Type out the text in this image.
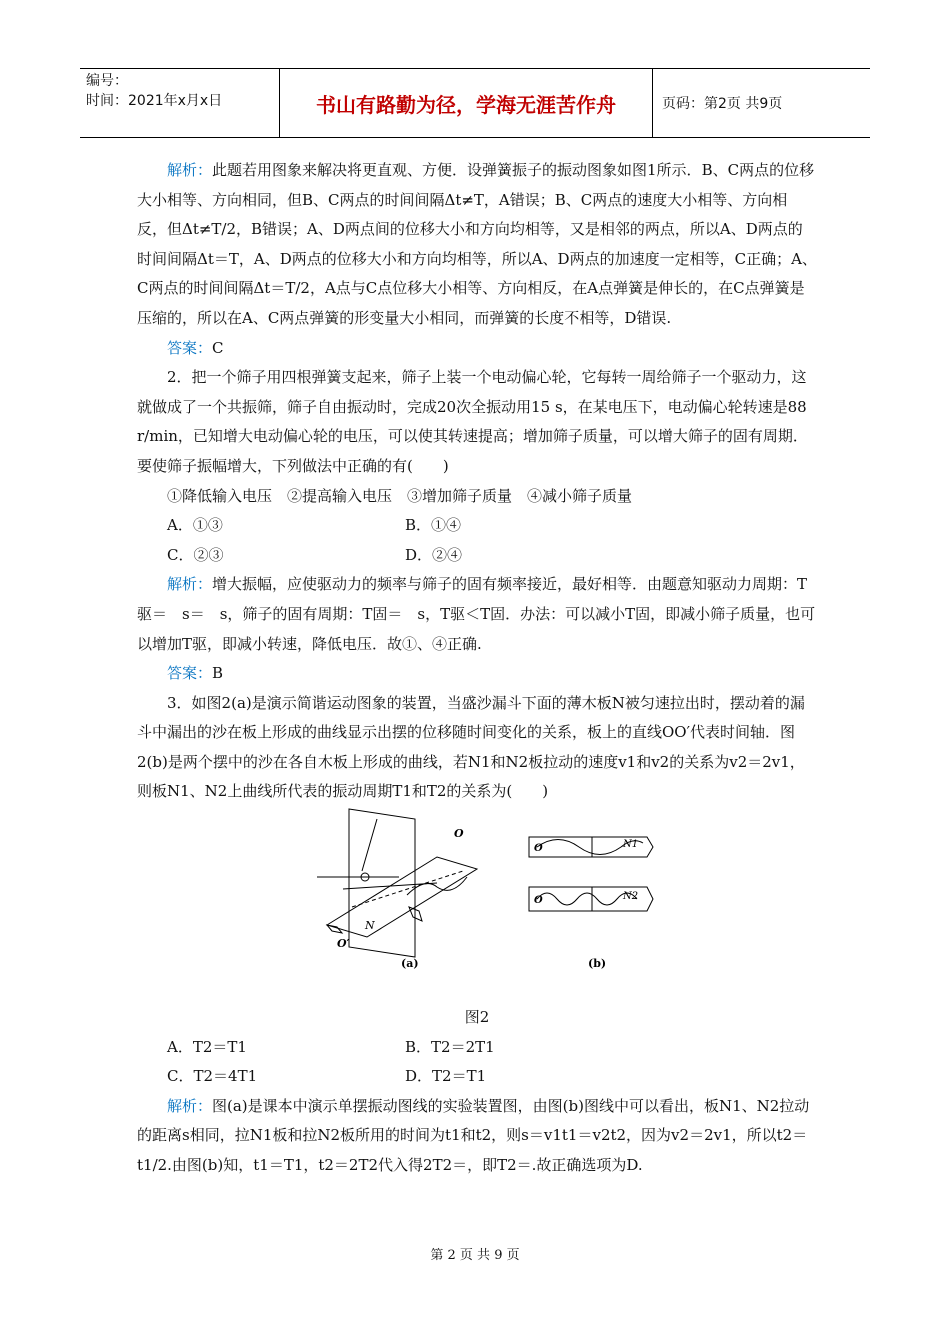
编号：
时间：2021年x月x日	书山有路勤为径，学海无涯苦作舟	页码：第2页 共9页

解析：此题若用图象来解决将更直观、方便．设弹簧振子的振动图象如图1所示．B、C两点的位移大小相等、方向相同，但B、C两点的时间间隔Δt≠T，A错误；B、C两点的速度大小相等、方向相反，但Δt≠T/2，B错误；A、D两点间的位移大小和方向均相等，又是相邻的两点，所以A、D两点的时间间隔Δt＝T，A、D两点的位移大小和方向均相等，所以A、D两点的加速度一定相等，C正确；A、C两点的时间间隔Δt＝T/2，A点与C点位移大小相等、方向相反，在A点弹簧是伸长的，在C点弹簧是压缩的，所以在A、C两点弹簧的形变量大小相同，而弹簧的长度不相等，D错误.

答案：C

2．把一个筛子用四根弹簧支起来，筛子上装一个电动偏心轮，它每转一周给筛子一个驱动力，这就做成了一个共振筛，筛子自由振动时，完成20次全振动用15 s，在某电压下，电动偏心轮转速是88 r/min，已知增大电动偏心轮的电压，可以使其转速提高；增加筛子质量，可以增大筛子的固有周期．要使筛子振幅增大，下列做法中正确的有(　　)

①降低输入电压　②提高输入电压　③增加筛子质量　④减小筛子质量

A．①③	B．①④
C．②③	D．②④

解析：增大振幅，应使驱动力的频率与筛子的固有频率接近，最好相等．由题意知驱动力周期：T驱＝　s＝　s，筛子的固有周期：T固＝　s，T驱＜T固．办法：可以减小T固，即减小筛子质量，也可以增加T驱，即减小转速，降低电压．故①、④正确.

答案：B

3．如图2(a)是演示简谐运动图象的装置，当盛沙漏斗下面的薄木板N被匀速拉出时，摆动着的漏斗中漏出的沙在板上形成的曲线显示出摆的位移随时间变化的关系，板上的直线OO′代表时间轴．图2(b)是两个摆中的沙在各自木板上形成的曲线，若N1和N2板拉动的速度v1和v2的关系为v2＝2v1，则板N1、N2上曲线所代表的振动周期T1和T2的关系为(　　)

O
O′
N
(a)
O
O
N1
N2
(b)

图2

A．T2＝T1	B．T2＝2T1
C．T2＝4T1	D．T2＝T1

解析：图(a)是课本中演示单摆振动图线的实验装置图，由图(b)图线中可以看出，板N1、N2拉动的距离s相同，拉N1板和拉N2板所用的时间为t1和t2，则s＝v1t1＝v2t2，因为v2＝2v1，所以t2＝t1/2.由图(b)知，t1＝T1，t2＝2T2代入得2T2＝，即T2＝.故正确选项为D.

第 2 页 共 9 页
